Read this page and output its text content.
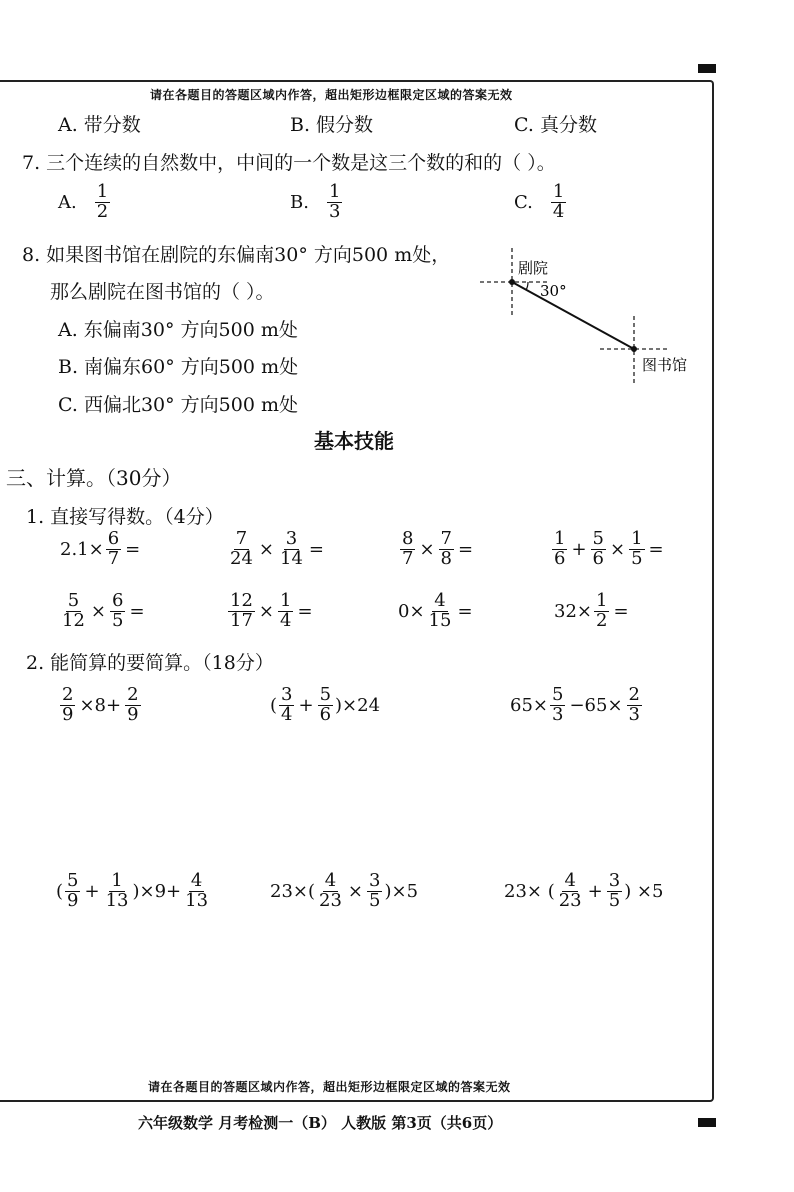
请在各题目的答题区域内作答，超出矩形边框限定区域的答案无效
A. 带分数	B. 假分数	C. 真分数
7. 三个连续的自然数中，中间的一个数是这三个数的和的（ ）。
A. $\frac{1}{2}$	B. $\frac{1}{3}$	C. $\frac{1}{4}$
8. 如果图书馆在剧院的东偏南30° 方向500 m处，
那么剧院在图书馆的（ ）。
A. 东偏南30° 方向500 m处
B. 南偏东60° 方向500 m处
C. 西偏北30° 方向500 m处
剧院
30°
图书馆
基本技能
三、计算。（30分）
1. 直接写得数。（4分）
$2.1\times \frac{6}{7}$ =	$\frac{7}{24} \times \frac{3}{14}$ =	$\frac{8}{7} \times \frac{7}{8}$ =	$\frac{1}{6} + \frac{5}{6} \times \frac{1}{5}$ =
$\frac{5}{12} \times \frac{6}{5}$ =	$\frac{12}{17} \times \frac{1}{4}$ =	$0\times \frac{4}{15}$ =	$32\times \frac{1}{2}$ =
2. 能简算的要简算。（18分）
$\frac{2}{9} \times 8+ \frac{2}{9}$	( $\frac{3}{4} + \frac{5}{6} )\times 24$	$65\times \frac{5}{3} -65\times \frac{2}{3}$
( $\frac{5}{9} + \frac{1}{13} )\times 9+ \frac{4}{13}$	$23\times( \frac{4}{23} \times \frac{3}{5} )\times 5$	23× ( $\frac{4}{23} + \frac{3}{5}$ ) ×5
请在各题目的答题区域内作答，超出矩形边框限定区域的答案无效
六年级数学 月考检测一（B） 人教版 第3页（共6页）
